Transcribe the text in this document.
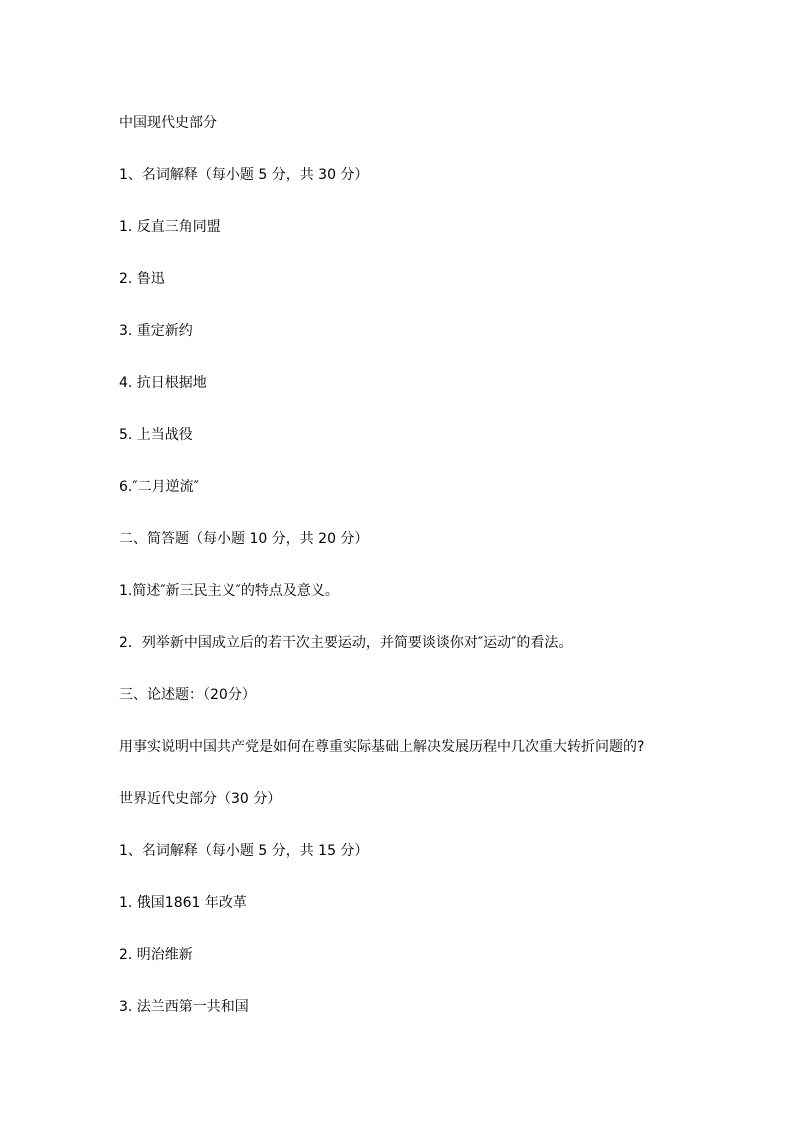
中国现代史部分
1、名词解释（每小题 5 分，共 30 分）
1. 反直三角同盟
2. 鲁迅
3. 重定新约
4. 抗日根据地
5. 上当战役
6.″二月逆流″
二、简答题（每小题 10 分，共 20 分）
1.简述″新三民主义″的特点及意义。
2．列举新中国成立后的若干次主要运动，并简要谈谈你对″运动″的看法。
三、论述题：（20分）
用事实说明中国共产党是如何在尊重实际基础上解决发展历程中几次重大转折问题的?
世界近代史部分（30 分）
1、名词解释（每小题 5 分，共 15 分）
1. 俄国1861 年改革
2. 明治维新
3. 法兰西第一共和国
